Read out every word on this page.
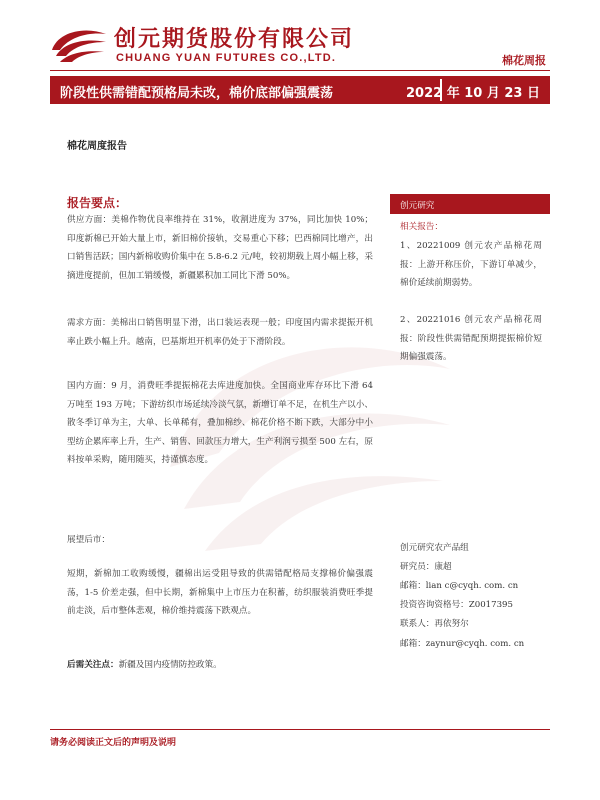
创元期货股份有限公司
CHUANG YUAN FUTURES CO.,LTD.	棉花周报
阶段性供需错配预格局未改，棉价底部偏强震荡	2022 年 10 月 23 日
棉花周度报告
报告要点：
供应方面：美棉作物优良率维持在 31%，收割进度为 37%，同比加快 10%；印度新棉已开始大量上市，新旧棉价接轨，交易重心下移；巴西棉同比增产，出口销售活跃；国内新棉收购价集中在 5.8-6.2 元/吨，较初期载上周小幅上移，采摘进度提前，但加工销缓慢，新疆累积加工同比下滑 50%。
需求方面：美棉出口销售明显下滑，出口装运表现一般；印度国内需求提振开机率止跌小幅上升。越南，巴基斯坦开机率仍处于下滑阶段。
国内方面：9 月，消费旺季提振棉花去库进度加快。全国商业库存环比下滑 64 万吨至 193 万吨；下游纺织市场延续冷淡气氛，新增订单不足，在机生产以小、散冬季订单为主，大单、长单稀有，叠加棉纱、棉花价格不断下跌，大部分中小型纺企累库率上升，生产、销售、回款压力增大，生产利润亏损至 500 左右，原料按单采购，随用随买，持谨慎态度。
展望后市：
短期，新棉加工收购缓慢，疆棉出运受阻导致的供需错配格局支撑棉价偏强震荡，1-5 价差走强，但中长期，新棉集中上市压力在积蓄，纺织服装消费旺季提前走淡，后市整体悲观，棉价维持震荡下跌观点。
后需关注点：新疆及国内疫情防控政策。
创元研究
相关报告：
1、20221009 创元农产品棉花周报：上游开称压价，下游订单减少，棉价延续前期弱势。
2、20221016 创元农产品棉花周报：阶段性供需错配预期提振棉价短期偏强震荡。
创元研究农产品组
研究员：康超
邮箱：lian c@cyqh. com. cn
投资咨询资格号：Z0017395
联系人：再依努尔
邮箱：zaynur@cyqh. com. cn
请务必阅读正文后的声明及说明
